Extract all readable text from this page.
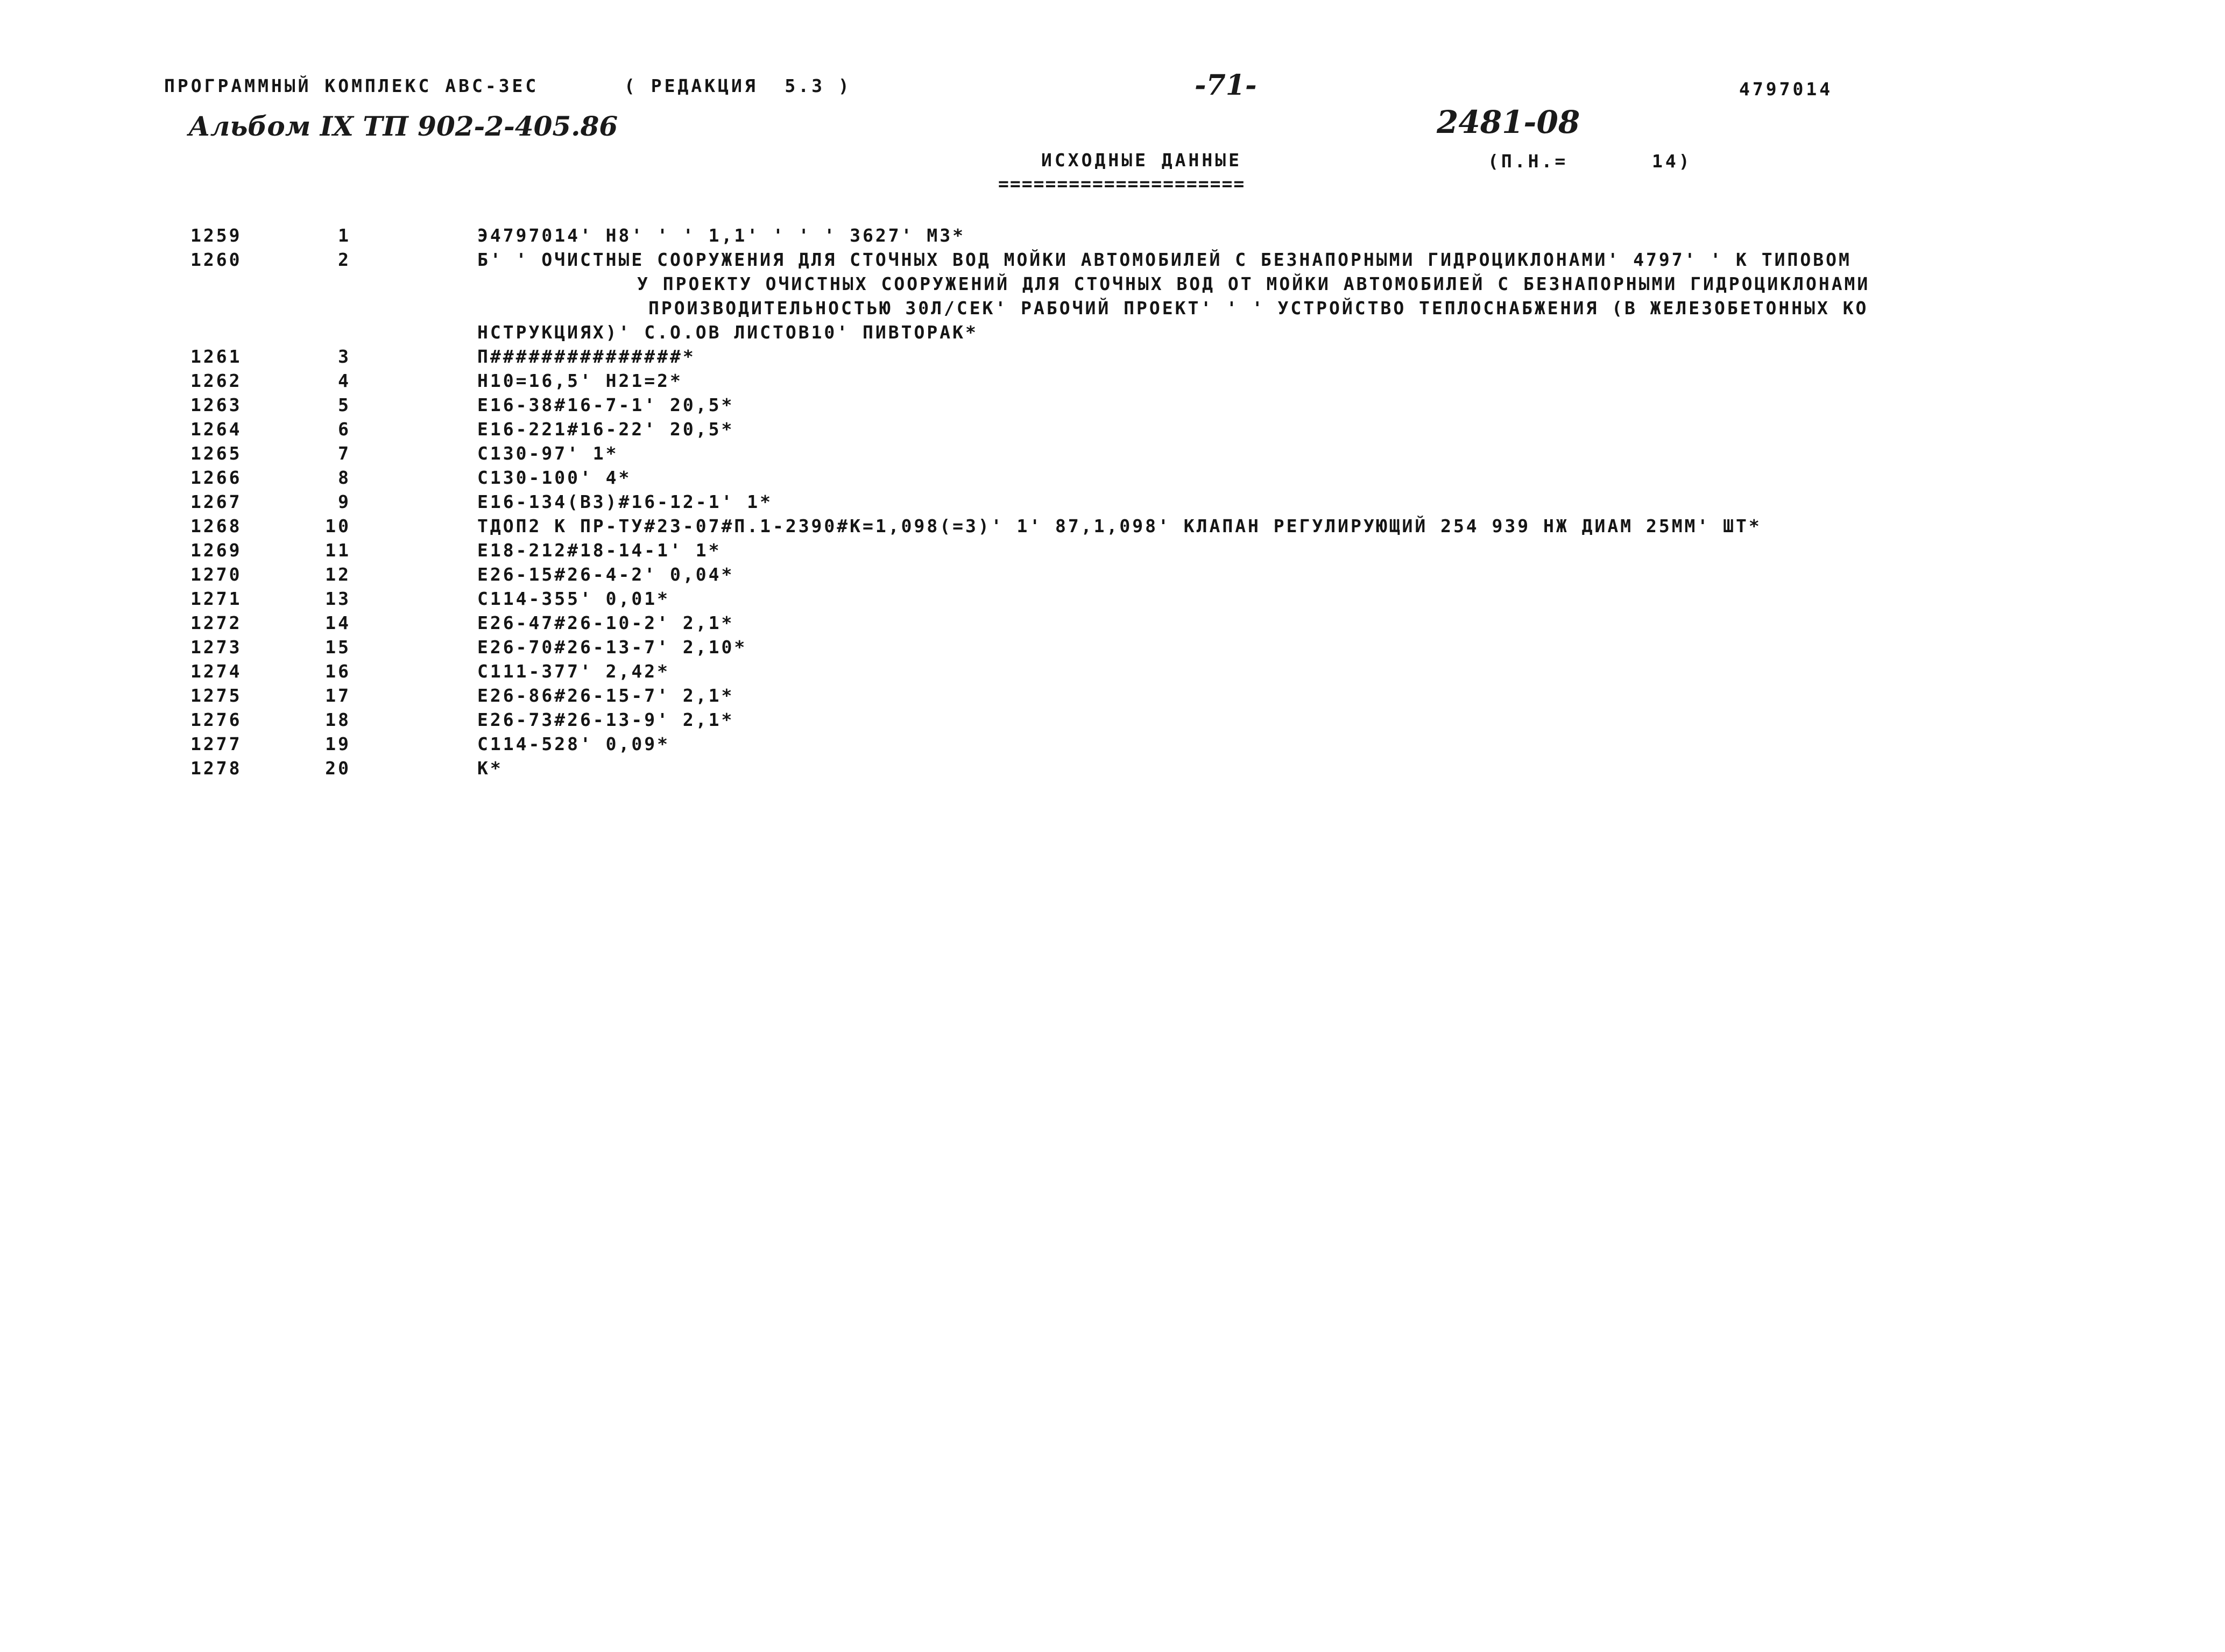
ПРОГРАММНЫЙ КОМПЛЕКС АВС-ЗЕС	( РЕДАКЦИЯ  5.3 )	-71-	4797014
Альбом IX ТП 902-2-405.86	2481-08
ИСХОДНЫЕ ДАННЫЕ
=====================
(П.Н.=	14)
1259	1	Э4797014' Н8' ' ' 1,1' ' ' ' 3627' М3*
1260	2	Б' ' ОЧИСТНЫЕ СООРУЖЕНИЯ ДЛЯ СТОЧНЫХ ВОД МОЙКИ АВТОМОБИЛЕЙ С БЕЗНАПОРНЫМИ ГИДРОЦИКЛОНАМИ' 4797' ' К ТИПОВОМ
У ПРОЕКТУ ОЧИСТНЫХ СООРУЖЕНИЙ ДЛЯ СТОЧНЫХ ВОД ОТ МОЙКИ АВТОМОБИЛЕЙ С БЕЗНАПОРНЫМИ ГИДРОЦИКЛОНАМИ
ПРОИЗВОДИТЕЛЬНОСТЬЮ 30Л/СЕК' РАБОЧИЙ ПРОЕКТ' ' ' УСТРОЙСТВО ТЕПЛОСНАБЖЕНИЯ (В ЖЕЛЕЗОБЕТОННЫХ КО
НСТРУКЦИЯХ)' С.О.ОВ ЛИСТОВ10' ПИВТОРАК*
1261	3	П###############*
1262	4	Н10=16,5' Н21=2*
1263	5	Е16-38#16-7-1' 20,5*
1264	6	Е16-221#16-22' 20,5*
1265	7	С130-97' 1*
1266	8	С130-100' 4*
1267	9	Е16-134(В3)#16-12-1' 1*
1268	10	ТДОП2 К ПР-ТУ#23-07#П.1-2390#К=1,098(=3)' 1' 87,1,098' КЛАПАН РЕГУЛИРУЮЩИЙ 254 939 НЖ ДИАМ 25ММ' ШТ*
1269	11	Е18-212#18-14-1' 1*
1270	12	Е26-15#26-4-2' 0,04*
1271	13	С114-355' 0,01*
1272	14	Е26-47#26-10-2' 2,1*
1273	15	Е26-70#26-13-7' 2,10*
1274	16	С111-377' 2,42*
1275	17	Е26-86#26-15-7' 2,1*
1276	18	Е26-73#26-13-9' 2,1*
1277	19	С114-528' 0,09*
1278	20	К*
